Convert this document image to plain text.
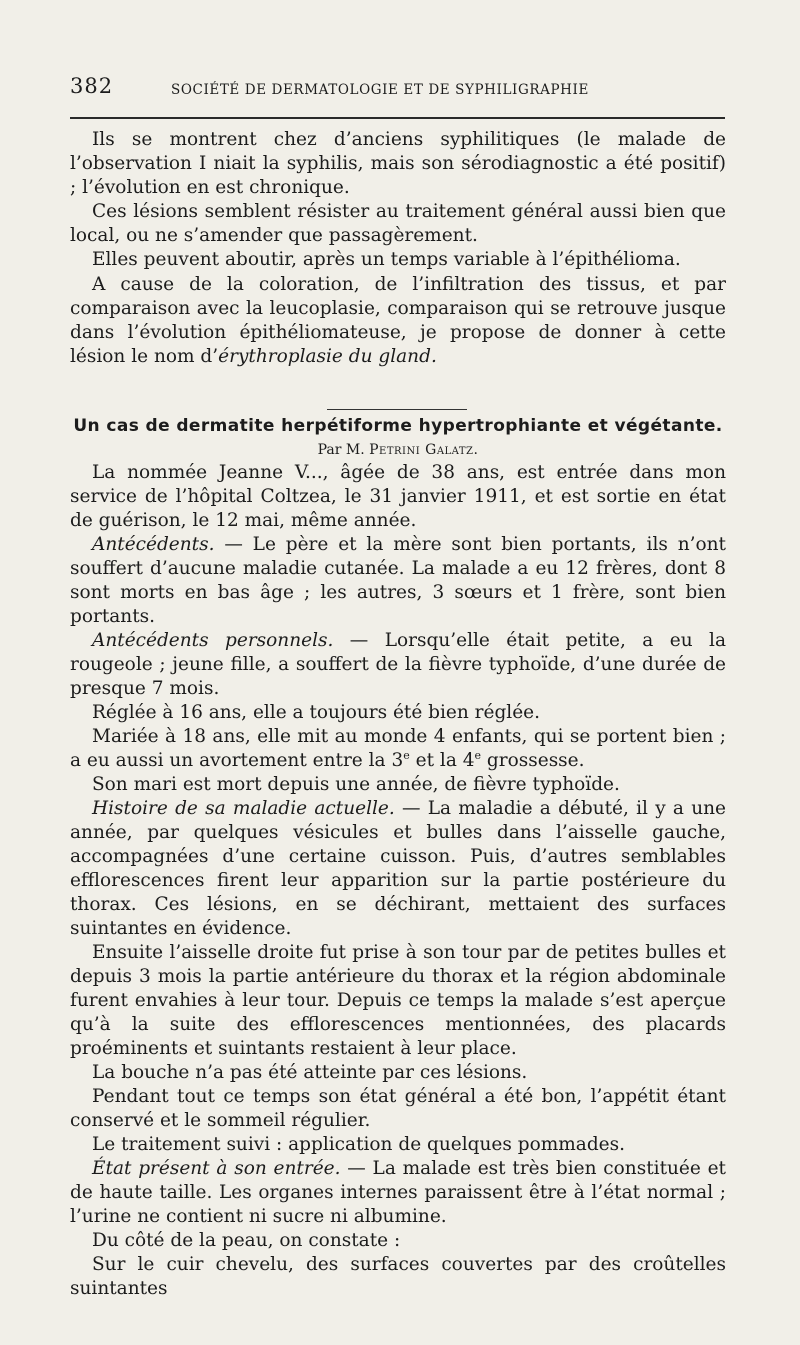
382	SOCIÉTÉ DE DERMATOLOGIE ET DE SYPHILIGRAPHIE

Ils se montrent chez d’anciens syphilitiques (le malade de l’observation I niait la syphilis, mais son sérodiagnostic a été positif) ; l’évolution en est chronique.

Ces lésions semblent résister au traitement général aussi bien que local, ou ne s’amender que passagèrement.

Elles peuvent aboutir, après un temps variable à l’épithélioma.

A cause de la coloration, de l’infiltration des tissus, et par comparaison avec la leucoplasie, comparaison qui se retrouve jusque dans l’évolution épithéliomateuse, je propose de donner à cette lésion le nom d’érythroplasie du gland.

Un cas de dermatite herpétiforme hypertrophiante et végétante.

Par M. Petrini Galatz.

La nommée Jeanne V..., âgée de 38 ans, est entrée dans mon service de l’hôpital Coltzea, le 31 janvier 1911, et est sortie en état de guérison, le 12 mai, même année.

Antécédents. — Le père et la mère sont bien portants, ils n’ont souffert d’aucune maladie cutanée. La malade a eu 12 frères, dont 8 sont morts en bas âge ; les autres, 3 sœurs et 1 frère, sont bien portants.

Antécédents personnels. — Lorsqu’elle était petite, a eu la rougeole ; jeune fille, a souffert de la fièvre typhoïde, d’une durée de presque 7 mois.

Réglée à 16 ans, elle a toujours été bien réglée.

Mariée à 18 ans, elle mit au monde 4 enfants, qui se portent bien ; a eu aussi un avortement entre la 3e et la 4e grossesse.

Son mari est mort depuis une année, de fièvre typhoïde.

Histoire de sa maladie actuelle. — La maladie a débuté, il y a une année, par quelques vésicules et bulles dans l’aisselle gauche, accompagnées d’une certaine cuisson. Puis, d’autres semblables efflorescences firent leur apparition sur la partie postérieure du thorax. Ces lésions, en se déchirant, mettaient des surfaces suintantes en évidence.

Ensuite l’aisselle droite fut prise à son tour par de petites bulles et depuis 3 mois la partie antérieure du thorax et la région abdominale furent envahies à leur tour. Depuis ce temps la malade s’est aperçue qu’à la suite des efflorescences mentionnées, des placards proéminents et suintants restaient à leur place.

La bouche n’a pas été atteinte par ces lésions.

Pendant tout ce temps son état général a été bon, l’appétit étant conservé et le sommeil régulier.

Le traitement suivi : application de quelques pommades.

État présent à son entrée. — La malade est très bien constituée et de haute taille. Les organes internes paraissent être à l’état normal ; l’urine ne contient ni sucre ni albumine.

Du côté de la peau, on constate :

Sur le cuir chevelu, des surfaces couvertes par des croûtelles suintantes
